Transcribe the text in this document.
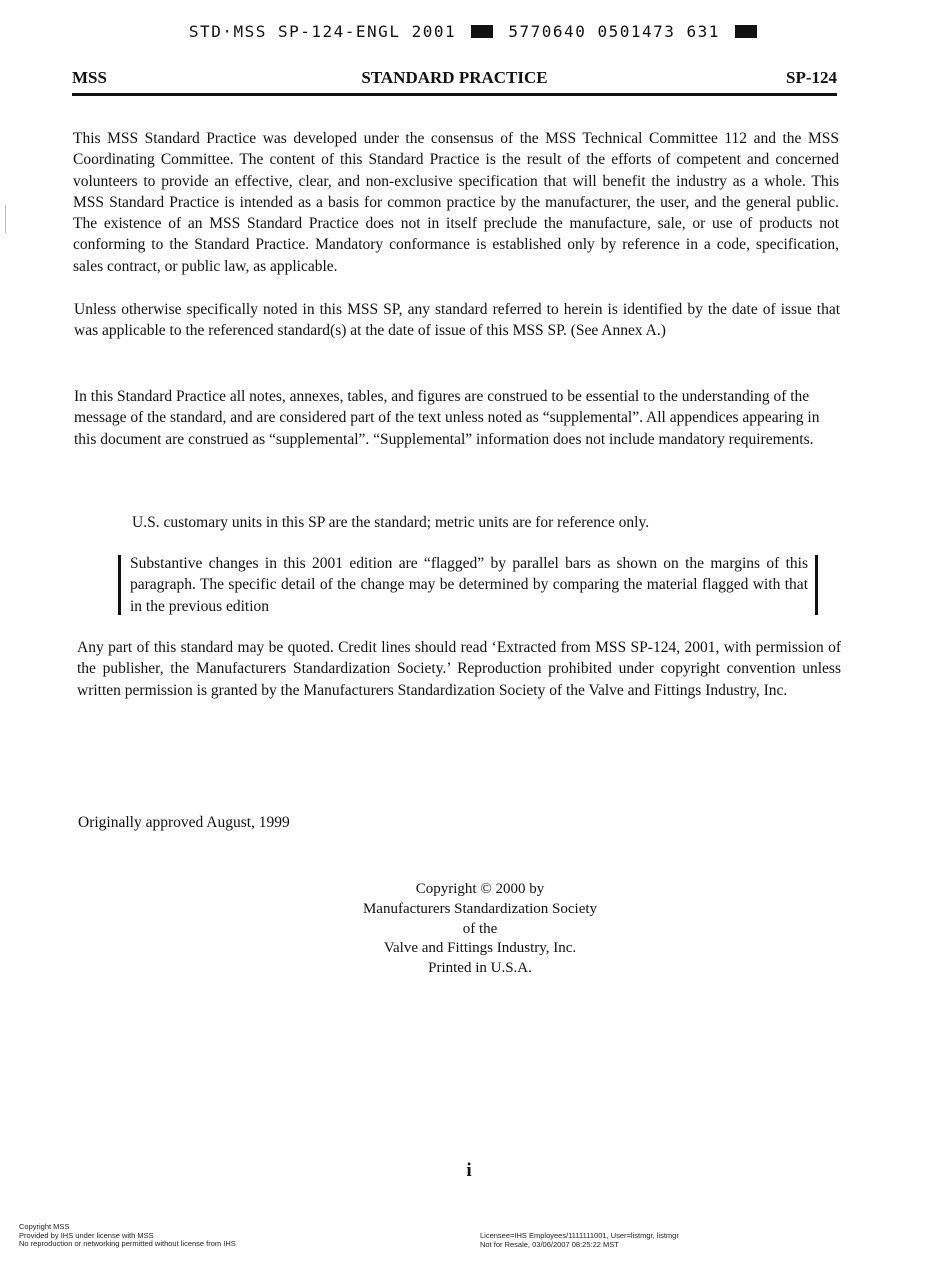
STD·MSS SP-124-ENGL 2001	5770640 0501473 631
MSS	STANDARD PRACTICE	SP-124

This MSS Standard Practice was developed under the consensus of the MSS Technical Committee 112 and the MSS Coordinating Committee. The content of this Standard Practice is the result of the efforts of competent and concerned volunteers to provide an effective, clear, and non-exclusive specification that will benefit the industry as a whole. This MSS Standard Practice is intended as a basis for common practice by the manufacturer, the user, and the general public. The existence of an MSS Standard Practice does not in itself preclude the manufacture, sale, or use of products not conforming to the Standard Practice. Mandatory conformance is established only by reference in a code, specification, sales contract, or public law, as applicable.

Unless otherwise specifically noted in this MSS SP, any standard referred to herein is identified by the date of issue that was applicable to the referenced standard(s) at the date of issue of this MSS SP. (See Annex A.)

In this Standard Practice all notes, annexes, tables, and figures are construed to be essential to the understanding of the message of the standard, and are considered part of the text unless noted as “supplemental”. All appendices appearing in this document are construed as “supplemental”. “Supplemental” information does not include mandatory requirements.

U.S. customary units in this SP are the standard; metric units are for reference only.

Substantive changes in this 2001 edition are “flagged” by parallel bars as shown on the margins of this paragraph. The specific detail of the change may be determined by comparing the material flagged with that in the previous edition

Any part of this standard may be quoted. Credit lines should read ‘Extracted from MSS SP-124, 2001, with permission of the publisher, the Manufacturers Standardization Society.’ Reproduction prohibited under copyright convention unless written permission is granted by the Manufacturers Standardization Society of the Valve and Fittings Industry, Inc.

Originally approved August, 1999
Copyright © 2000 by
Manufacturers Standardization Society
of the
Valve and Fittings Industry, Inc.
Printed in U.S.A.
i
Copyright MSS
Provided by IHS under license with MSS
No reproduction or networking permitted without license from IHS
Licensee=IHS Employees/1111111001, User=listmgr, listmgr
Not for Resale, 03/06/2007 08:25:22 MST
